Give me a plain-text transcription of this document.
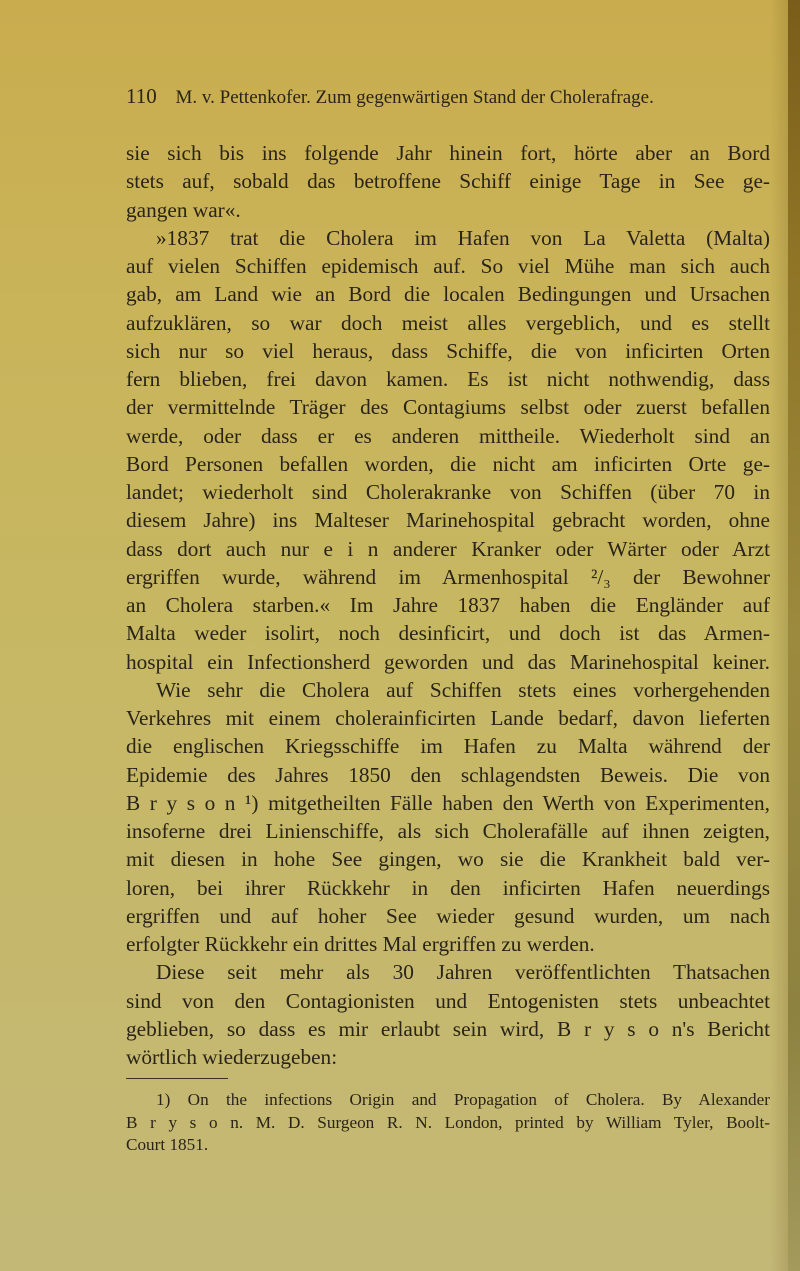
110 M. v. Pettenkofer. Zum gegenwärtigen Stand der Cholerafrage.
sie sich bis ins folgende Jahr hinein fort, hörte aber an Bord
stets auf, sobald das betroffene Schiff einige Tage in See ge-
gangen war«.
»1837 trat die Cholera im Hafen von La Valetta (Malta)
auf vielen Schiffen epidemisch auf. So viel Mühe man sich auch
gab, am Land wie an Bord die localen Bedingungen und Ursachen
aufzuklären, so war doch meist alles vergeblich, und es stellt
sich nur so viel heraus, dass Schiffe, die von inficirten Orten
fern blieben, frei davon kamen. Es ist nicht nothwendig, dass
der vermittelnde Träger des Contagiums selbst oder zuerst befallen
werde, oder dass er es anderen mittheile. Wiederholt sind an
Bord Personen befallen worden, die nicht am inficirten Orte ge-
landet; wiederholt sind Cholerakranke von Schiffen (über 70 in
diesem Jahre) ins Malteser Marinehospital gebracht worden, ohne
dass dort auch nur e i n anderer Kranker oder Wärter oder Arzt
ergriffen wurde, während im Armenhospital ²/₃ der Bewohner
an Cholera starben.« Im Jahre 1837 haben die Engländer auf
Malta weder isolirt, noch desinficirt, und doch ist das Armen-
hospital ein Infectionsherd geworden und das Marinehospital keiner.
Wie sehr die Cholera auf Schiffen stets eines vorhergehenden
Verkehres mit einem cholerainficirten Lande bedarf, davon lieferten
die englischen Kriegsschiffe im Hafen zu Malta während der
Epidemie des Jahres 1850 den schlagendsten Beweis. Die von
B r y s o n ¹) mitgetheilten Fälle haben den Werth von Experimenten,
insoferne drei Linienschiffe, als sich Cholerafälle auf ihnen zeigten,
mit diesen in hohe See gingen, wo sie die Krankheit bald ver-
loren, bei ihrer Rückkehr in den inficirten Hafen neuerdings
ergriffen und auf hoher See wieder gesund wurden, um nach
erfolgter Rückkehr ein drittes Mal ergriffen zu werden.
Diese seit mehr als 30 Jahren veröffentlichten Thatsachen
sind von den Contagionisten und Entogenisten stets unbeachtet
geblieben, so dass es mir erlaubt sein wird, B r y s o n's Bericht
wörtlich wiederzugeben:
1) On the infections Origin and Propagation of Cholera. By Alexander
B r y s o n. M. D. Surgeon R. N. London, printed by William Tyler, Boolt-
Court 1851.
